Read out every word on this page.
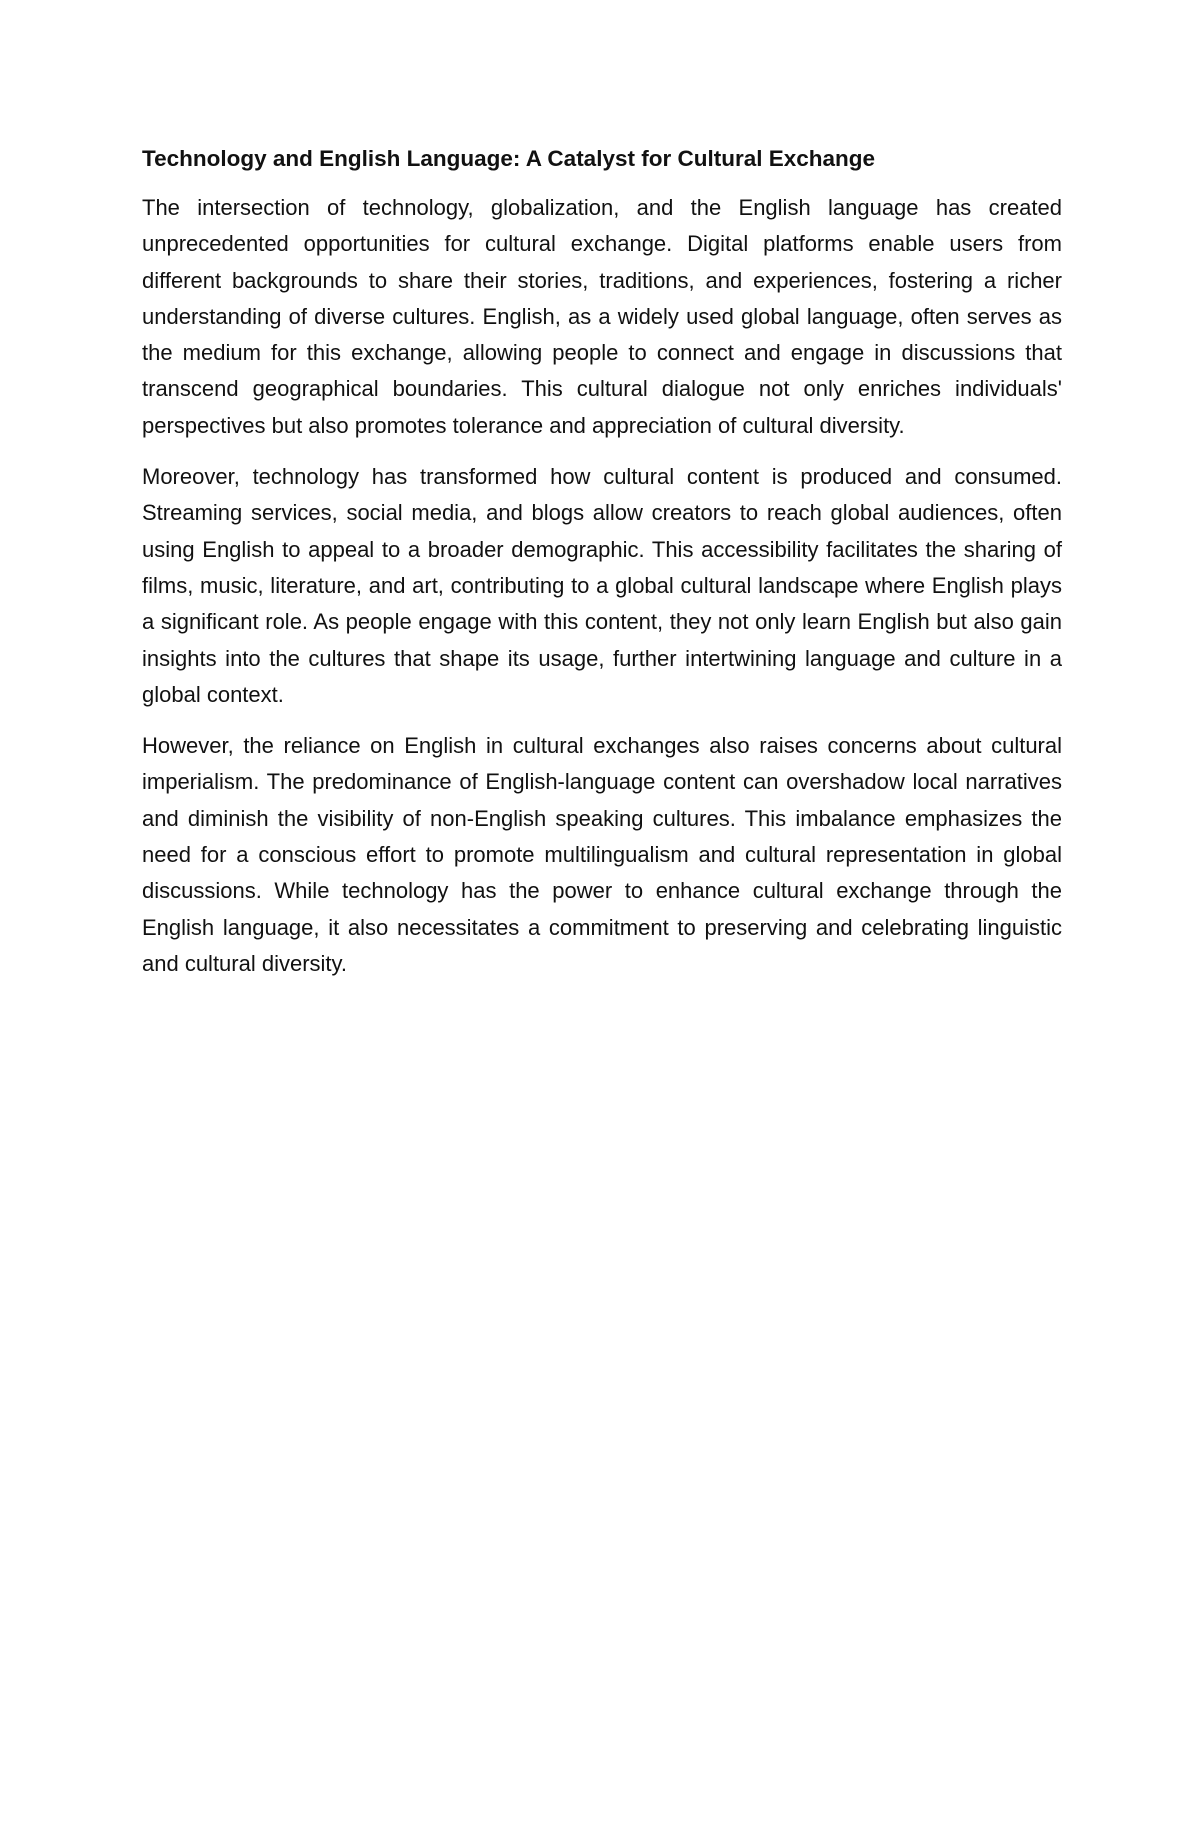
Technology and English Language: A Catalyst for Cultural Exchange

The intersection of technology, globalization, and the English language has created unprecedented opportunities for cultural exchange. Digital platforms enable users from different backgrounds to share their stories, traditions, and experiences, fostering a richer understanding of diverse cultures. English, as a widely used global language, often serves as the medium for this exchange, allowing people to connect and engage in discussions that transcend geographical boundaries. This cultural dialogue not only enriches individuals' perspectives but also promotes tolerance and appreciation of cultural diversity.

Moreover, technology has transformed how cultural content is produced and consumed. Streaming services, social media, and blogs allow creators to reach global audiences, often using English to appeal to a broader demographic. This accessibility facilitates the sharing of films, music, literature, and art, contributing to a global cultural landscape where English plays a significant role. As people engage with this content, they not only learn English but also gain insights into the cultures that shape its usage, further intertwining language and culture in a global context.

However, the reliance on English in cultural exchanges also raises concerns about cultural imperialism. The predominance of English-language content can overshadow local narratives and diminish the visibility of non-English speaking cultures. This imbalance emphasizes the need for a conscious effort to promote multilingualism and cultural representation in global discussions. While technology has the power to enhance cultural exchange through the English language, it also necessitates a commitment to preserving and celebrating linguistic and cultural diversity.
